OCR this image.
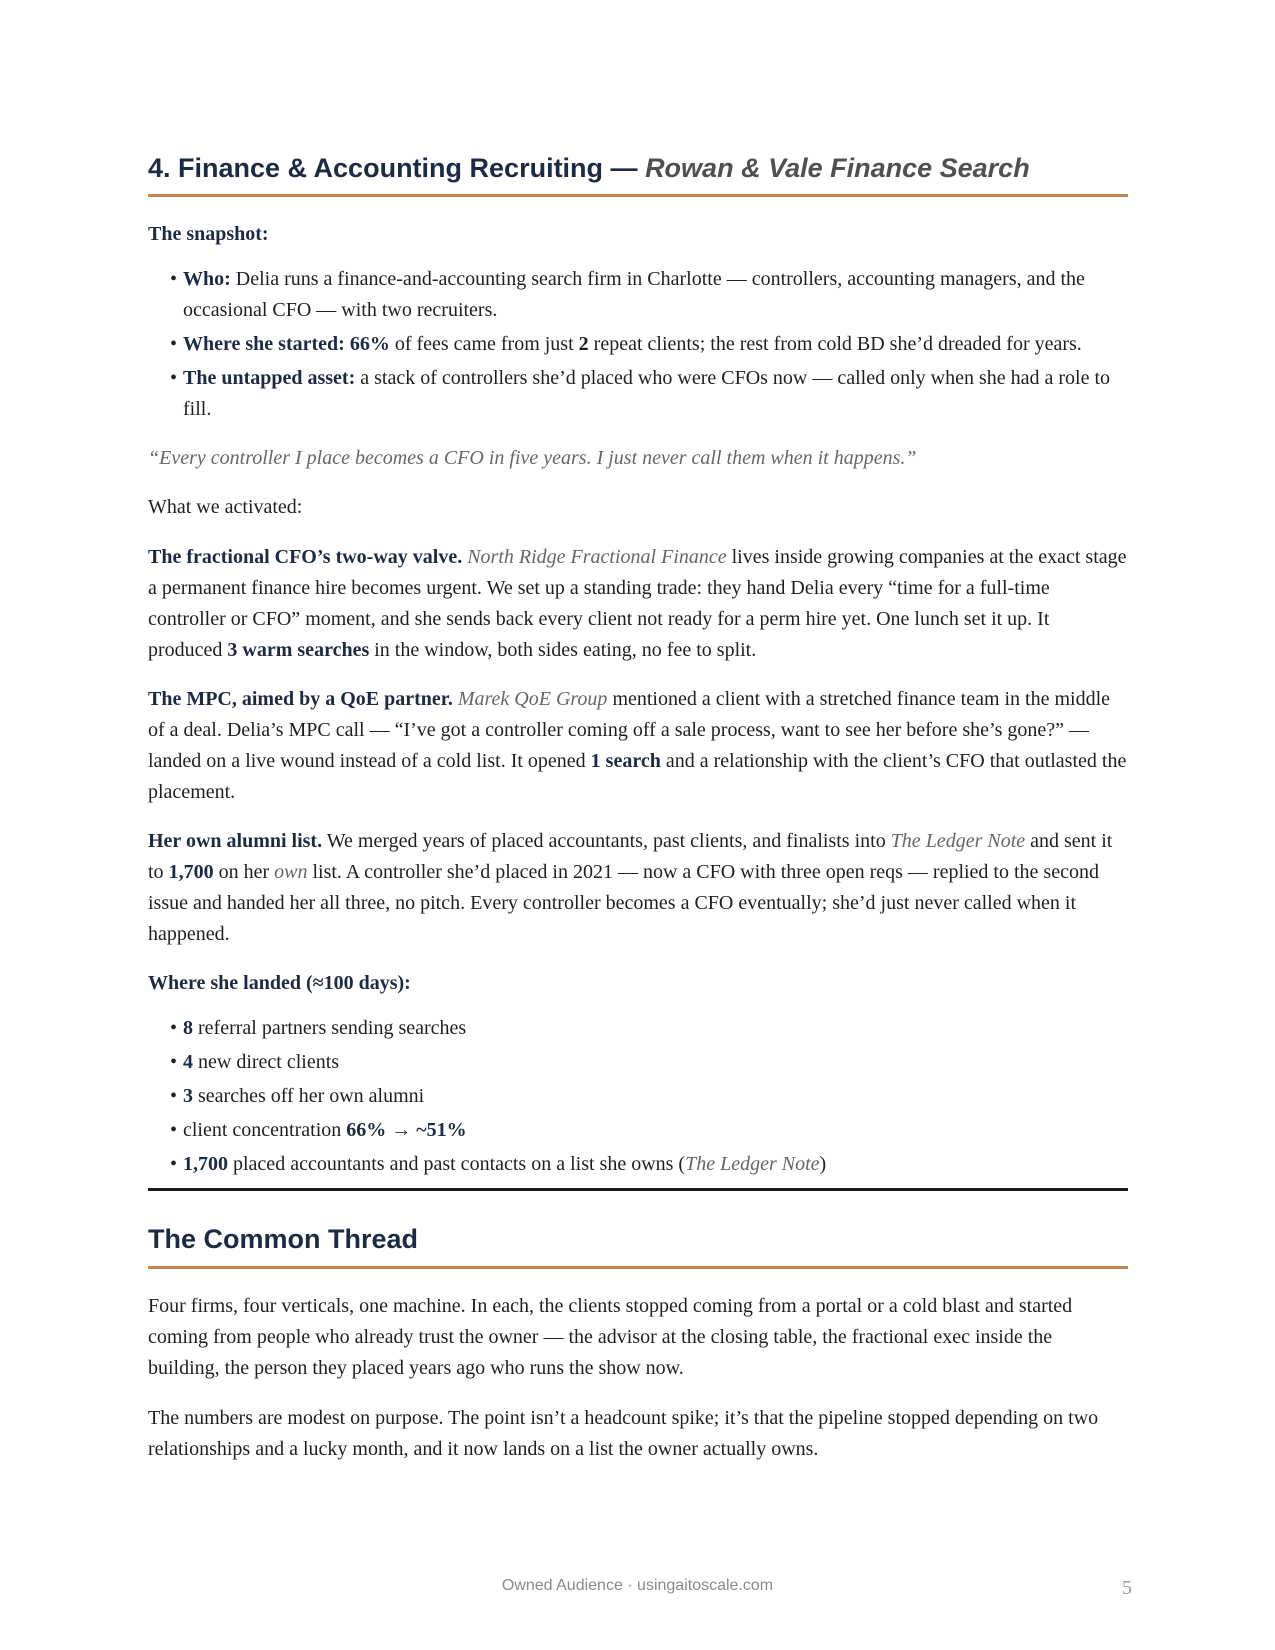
4. Finance & Accounting Recruiting — Rowan & Vale Finance Search
The snapshot:
• Who: Delia runs a finance-and-accounting search firm in Charlotte — controllers, accounting managers, and the occasional CFO — with two recruiters.
• Where she started: 66% of fees came from just 2 repeat clients; the rest from cold BD she’d dreaded for years.
• The untapped asset: a stack of controllers she’d placed who were CFOs now — called only when she had a role to fill.

“Every controller I place becomes a CFO in five years. I just never call them when it happens.”

What we activated:

The fractional CFO’s two-way valve. North Ridge Fractional Finance lives inside growing companies at the exact stage a permanent finance hire becomes urgent. We set up a standing trade: they hand Delia every “time for a full-time controller or CFO” moment, and she sends back every client not ready for a perm hire yet. One lunch set it up. It produced 3 warm searches in the window, both sides eating, no fee to split.

The MPC, aimed by a QoE partner. Marek QoE Group mentioned a client with a stretched finance team in the middle of a deal. Delia’s MPC call — “I’ve got a controller coming off a sale process, want to see her before she’s gone?” — landed on a live wound instead of a cold list. It opened 1 search and a relationship with the client’s CFO that outlasted the placement.

Her own alumni list. We merged years of placed accountants, past clients, and finalists into The Ledger Note and sent it to 1,700 on her own list. A controller she’d placed in 2021 — now a CFO with three open reqs — replied to the second issue and handed her all three, no pitch. Every controller becomes a CFO eventually; she’d just never called when it happened.

Where she landed (≈100 days):
• 8 referral partners sending searches
• 4 new direct clients
• 3 searches off her own alumni
• client concentration 66% → ~51%
• 1,700 placed accountants and past contacts on a list she owns (The Ledger Note)
The Common Thread

Four firms, four verticals, one machine. In each, the clients stopped coming from a portal or a cold blast and started coming from people who already trust the owner — the advisor at the closing table, the fractional exec inside the building, the person they placed years ago who runs the show now.

The numbers are modest on purpose. The point isn’t a headcount spike; it’s that the pipeline stopped depending on two relationships and a lucky month, and it now lands on a list the owner actually owns.

Owned Audience · usingaitoscale.com	5
